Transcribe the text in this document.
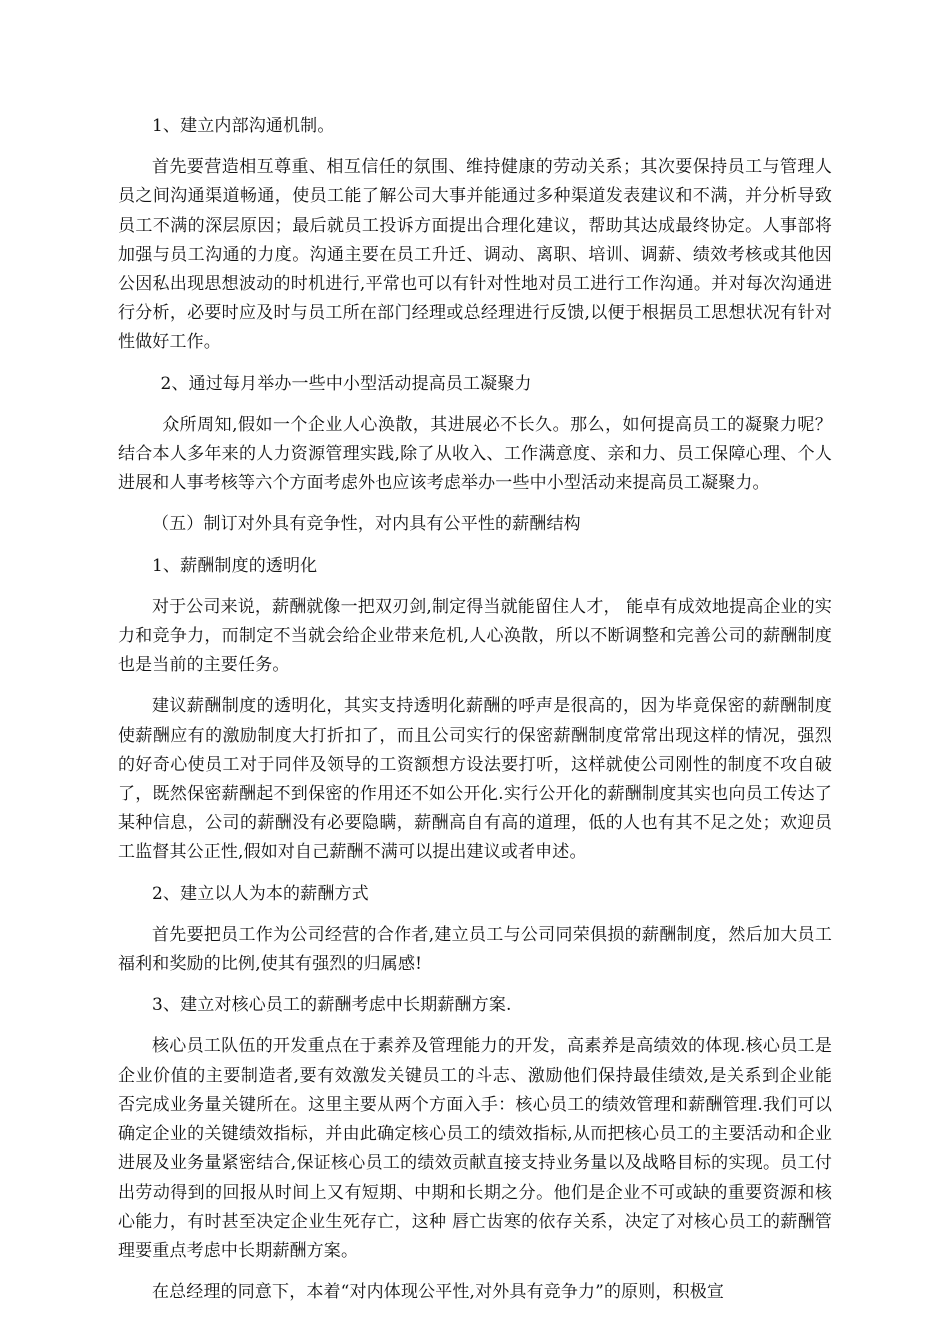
1、建立内部沟通机制。

首先要营造相互尊重、相互信任的氛围、维持健康的劳动关系；其次要保持员工与管理人员之间沟通渠道畅通，使员工能了解公司大事并能通过多种渠道发表建议和不满，并分析导致员工不满的深层原因；最后就员工投诉方面提出合理化建议，帮助其达成最终协定。人事部将加强与员工沟通的力度。沟通主要在员工升迁、调动、离职、培训、调薪、绩效考核或其他因公因私出现思想波动的时机进行,平常也可以有针对性地对员工进行工作沟通。并对每次沟通进行分析，必要时应及时与员工所在部门经理或总经理进行反馈,以便于根据员工思想状况有针对性做好工作。

2、通过每月举办一些中小型活动提高员工凝聚力

众所周知,假如一个企业人心涣散，其进展必不长久。那么，如何提高员工的凝聚力呢？结合本人多年来的人力资源管理实践,除了从收入、工作满意度、亲和力、员工保障心理、个人进展和人事考核等六个方面考虑外也应该考虑举办一些中小型活动来提高员工凝聚力。

（五）制订对外具有竞争性，对内具有公平性的薪酬结构

1、薪酬制度的透明化

对于公司来说，薪酬就像一把双刃剑,制定得当就能留住人才， 能卓有成效地提高企业的实力和竞争力，而制定不当就会给企业带来危机,人心涣散，所以不断调整和完善公司的薪酬制度也是当前的主要任务。

建议薪酬制度的透明化，其实支持透明化薪酬的呼声是很高的，因为毕竟保密的薪酬制度使薪酬应有的激励制度大打折扣了，而且公司实行的保密薪酬制度常常出现这样的情况，强烈的好奇心使员工对于同伴及领导的工资额想方设法要打听，这样就使公司刚性的制度不攻自破了，既然保密薪酬起不到保密的作用还不如公开化.实行公开化的薪酬制度其实也向员工传达了某种信息，公司的薪酬没有必要隐瞒，薪酬高自有高的道理，低的人也有其不足之处；欢迎员工监督其公正性,假如对自己薪酬不满可以提出建议或者申述。

2、建立以人为本的薪酬方式

首先要把员工作为公司经营的合作者,建立员工与公司同荣俱损的薪酬制度，然后加大员工福利和奖励的比例,使其有强烈的归属感!

3、建立对核心员工的薪酬考虑中长期薪酬方案.

核心员工队伍的开发重点在于素养及管理能力的开发，高素养是高绩效的体现.核心员工是企业价值的主要制造者,要有效激发关键员工的斗志、激励他们保持最佳绩效,是关系到企业能否完成业务量关键所在。这里主要从两个方面入手：核心员工的绩效管理和薪酬管理.我们可以确定企业的关键绩效指标，并由此确定核心员工的绩效指标,从而把核心员工的主要活动和企业进展及业务量紧密结合,保证核心员工的绩效贡献直接支持业务量以及战略目标的实现。员工付出劳动得到的回报从时间上又有短期、中期和长期之分。他们是企业不可或缺的重要资源和核心能力，有时甚至决定企业生死存亡，这种 唇亡齿寒的依存关系，决定了对核心员工的薪酬管理要重点考虑中长期薪酬方案。

在总经理的同意下，本着“对内体现公平性,对外具有竞争力”的原则，积极宣
